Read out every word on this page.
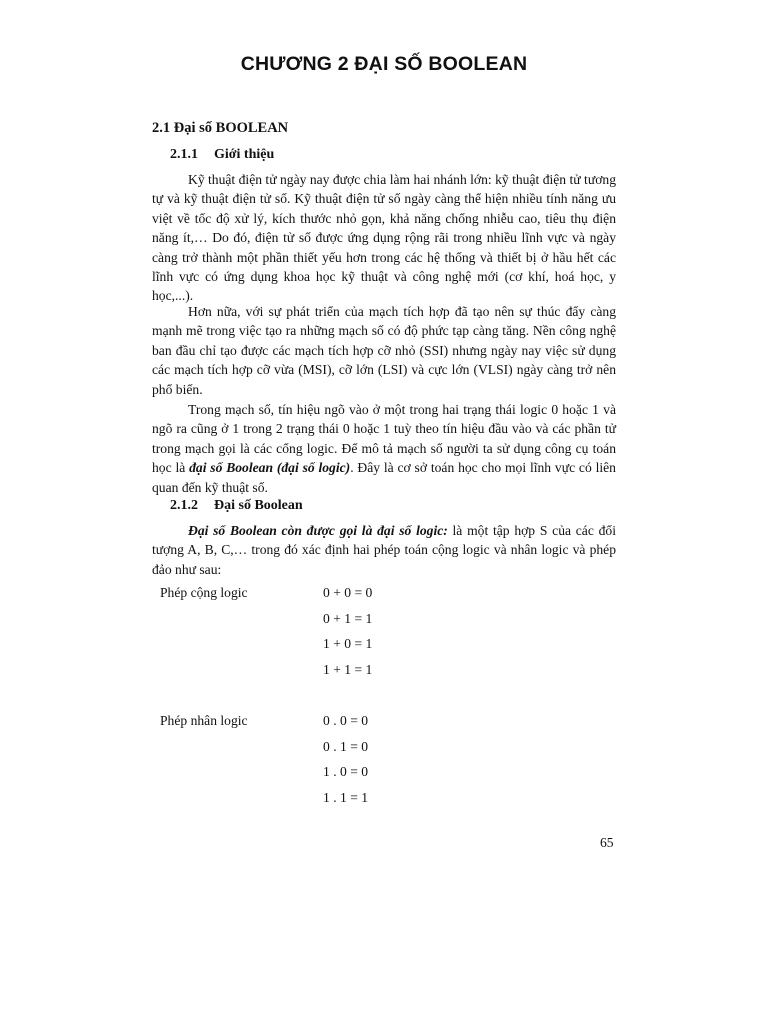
CHƯƠNG 2 ĐẠI SỐ BOOLEAN
2.1 Đại số BOOLEAN
2.1.1 Giới thiệu

Kỹ thuật điện tử ngày nay được chia làm hai nhánh lớn: kỹ thuật điện tử tương tự và kỹ thuật điện tử số. Kỹ thuật điện tử số ngày càng thể hiện nhiều tính năng ưu việt về tốc độ xử lý, kích thước nhỏ gọn, khả năng chống nhiễu cao, tiêu thụ điện năng ít,… Do đó, điện tử số được ứng dụng rộng rãi trong nhiều lĩnh vực và ngày càng trở thành một phần thiết yếu hơn trong các hệ thống và thiết bị ở hầu hết các lĩnh vực có ứng dụng khoa học kỹ thuật và công nghệ mới (cơ khí, hoá học, y học,...).

Hơn nữa, với sự phát triển của mạch tích hợp đã tạo nên sự thúc đẩy càng mạnh mẽ trong việc tạo ra những mạch số có độ phức tạp càng tăng. Nền công nghệ ban đầu chỉ tạo được các mạch tích hợp cỡ nhỏ (SSI) nhưng ngày nay việc sử dụng các mạch tích hợp cỡ vừa (MSI), cỡ lớn (LSI) và cực lớn (VLSI) ngày càng trở nên phổ biến.

Trong mạch số, tín hiệu ngõ vào ở một trong hai trạng thái logic 0 hoặc 1 và ngõ ra cũng ở 1 trong 2 trạng thái 0 hoặc 1 tuỳ theo tín hiệu đầu vào và các phần tử trong mạch gọi là các cổng logic. Để mô tả mạch số người ta sử dụng công cụ toán học là đại số Boolean (đại số logic). Đây là cơ sở toán học cho mọi lĩnh vực có liên quan đến kỹ thuật số.

2.1.2 Đại số Boolean

Đại số Boolean còn được gọi là đại số logic: là một tập hợp S của các đối tượng A, B, C,… trong đó xác định hai phép toán cộng logic và nhân logic và phép đảo như sau:

Phép cộng logic	0 + 0 = 0
0 + 1 = 1
1 + 0 = 1
1 + 1 = 1
Phép nhân logic	0 . 0 = 0
0 . 1 = 0
1 . 0 = 0
1 . 1 = 1
65
